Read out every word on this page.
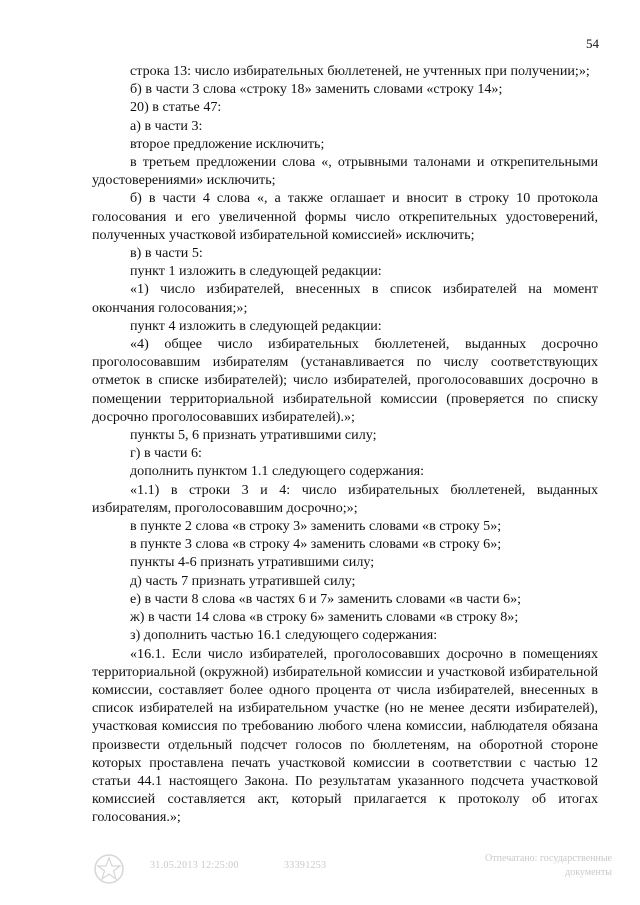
54

строка 13: число избирательных бюллетеней, не учтенных при получении;»;

б) в части 3 слова «строку 18» заменить словами «строку 14»;

20) в статье 47:

а) в части 3:

второе предложение исключить;

в третьем предложении слова «, отрывными талонами и открепительными удостоверениями» исключить;

б) в части 4 слова «, а также оглашает и вносит в строку 10 протокола голосования и его увеличенной формы число открепительных удостоверений, полученных участковой избирательной комиссией» исключить;

в) в части 5:

пункт 1 изложить в следующей редакции:

«1) число избирателей, внесенных в список избирателей на момент окончания голосования;»;

пункт 4 изложить в следующей редакции:

«4) общее число избирательных бюллетеней, выданных досрочно проголосовавшим избирателям (устанавливается по числу соответствующих отметок в списке избирателей); число избирателей, проголосовавших досрочно в помещении территориальной избирательной комиссии (проверяется по списку досрочно проголосовавших избирателей).»;

пункты 5, 6 признать утратившими силу;

г) в части 6:

дополнить пунктом 1.1 следующего содержания:

«1.1) в строки 3 и 4: число избирательных бюллетеней, выданных избирателям, проголосовавшим досрочно;»;

в пункте 2 слова «в строку 3» заменить словами «в строку 5»;

в пункте 3 слова «в строку 4» заменить словами «в строку 6»;

пункты 4-6 признать утратившими силу;

д) часть 7 признать утратившей силу;

е) в части 8 слова «в частях 6 и 7» заменить словами «в части 6»;

ж) в части 14 слова «в строку 6» заменить словами «в строку 8»;

з) дополнить частью 16.1 следующего содержания:

«16.1. Если число избирателей, проголосовавших досрочно в помещениях территориальной (окружной) избирательной комиссии и участковой избирательной комиссии, составляет более одного процента от числа избирателей, внесенных в список избирателей на избирательном участке (но не менее десяти избирателей), участковая комиссия по требованию любого члена комиссии, наблюдателя обязана произвести отдельный подсчет голосов по бюллетеням, на оборотной стороне которых проставлена печать участковой комиссии в соответствии с частью 12 статьи 44.1 настоящего Закона. По результатам указанного подсчета участковой комиссией составляется акт, который прилагается к протоколу об итогах голосования.»;

31.05.2013 12:25:00	33391253
Отпечатано: государственные
документы
